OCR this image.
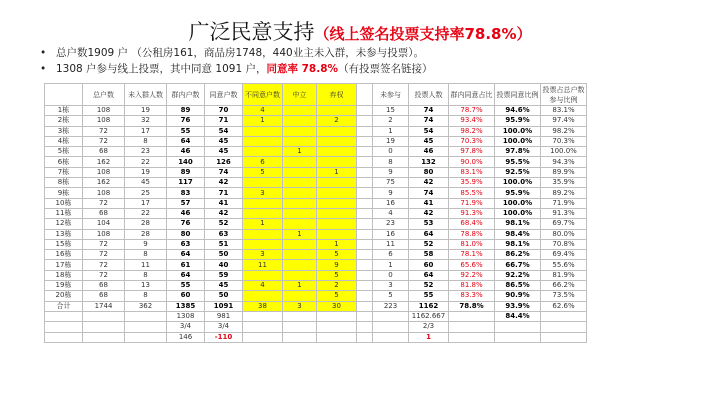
广泛民意支持（线上签名投票支持率78.8%）
• 总户数1909 户 （公租房161，商品房1748，440业主未入群，未参与投票）。
• 1308 户参与线上投票，其中同意 1091 户，同意率 78.8%（有投票签名链接）
	总户数	未入群人数	群内户数	同意户数	不同意户数	中立	弃权		未参与	投票人数	群内同意占比	投票同意比例	投票占总户数参与比例
1栋	108	19	89	70	4				15	74	78.7%	94.6%	83.1%
2栋	108	32	76	71	1		2		2	74	93.4%	95.9%	97.4%
3栋	72	17	55	54					1	54	98.2%	100.0%	98.2%
4栋	72	8	64	45					19	45	70.3%	100.0%	70.3%
5栋	68	23	46	45		1			0	46	97.8%	97.8%	100.0%
6栋	162	22	140	126	6				8	132	90.0%	95.5%	94.3%
7栋	108	19	89	74	5		1		9	80	83.1%	92.5%	89.9%
8栋	162	45	117	42					75	42	35.9%	100.0%	35.9%
9栋	108	25	83	71	3				9	74	85.5%	95.9%	89.2%
10栋	72	17	57	41					16	41	71.9%	100.0%	71.9%
11栋	68	22	46	42					4	42	91.3%	100.0%	91.3%
12栋	104	28	76	52	1				23	53	68.4%	98.1%	69.7%
13栋	108	28	80	63		1			16	64	78.8%	98.4%	80.0%
15栋	72	9	63	51			1		11	52	81.0%	98.1%	70.8%
16栋	72	8	64	50	3		5		6	58	78.1%	86.2%	69.4%
17栋	72	11	61	40	11		9		1	60	65.6%	66.7%	55.6%
18栋	72	8	64	59			5		0	64	92.2%	92.2%	81.9%
19栋	68	13	55	45	4	1	2		3	52	81.8%	86.5%	66.2%
20栋	68	8	60	50			5		5	55	83.3%	90.9%	73.5%
合计	1744	362	1385	1091	38	3	30		223	1162	78.8%	93.9%	62.6%
			1308	981						1162.667		84.4%	
			3/4	3/4						2/3			
			146	-110						1			
